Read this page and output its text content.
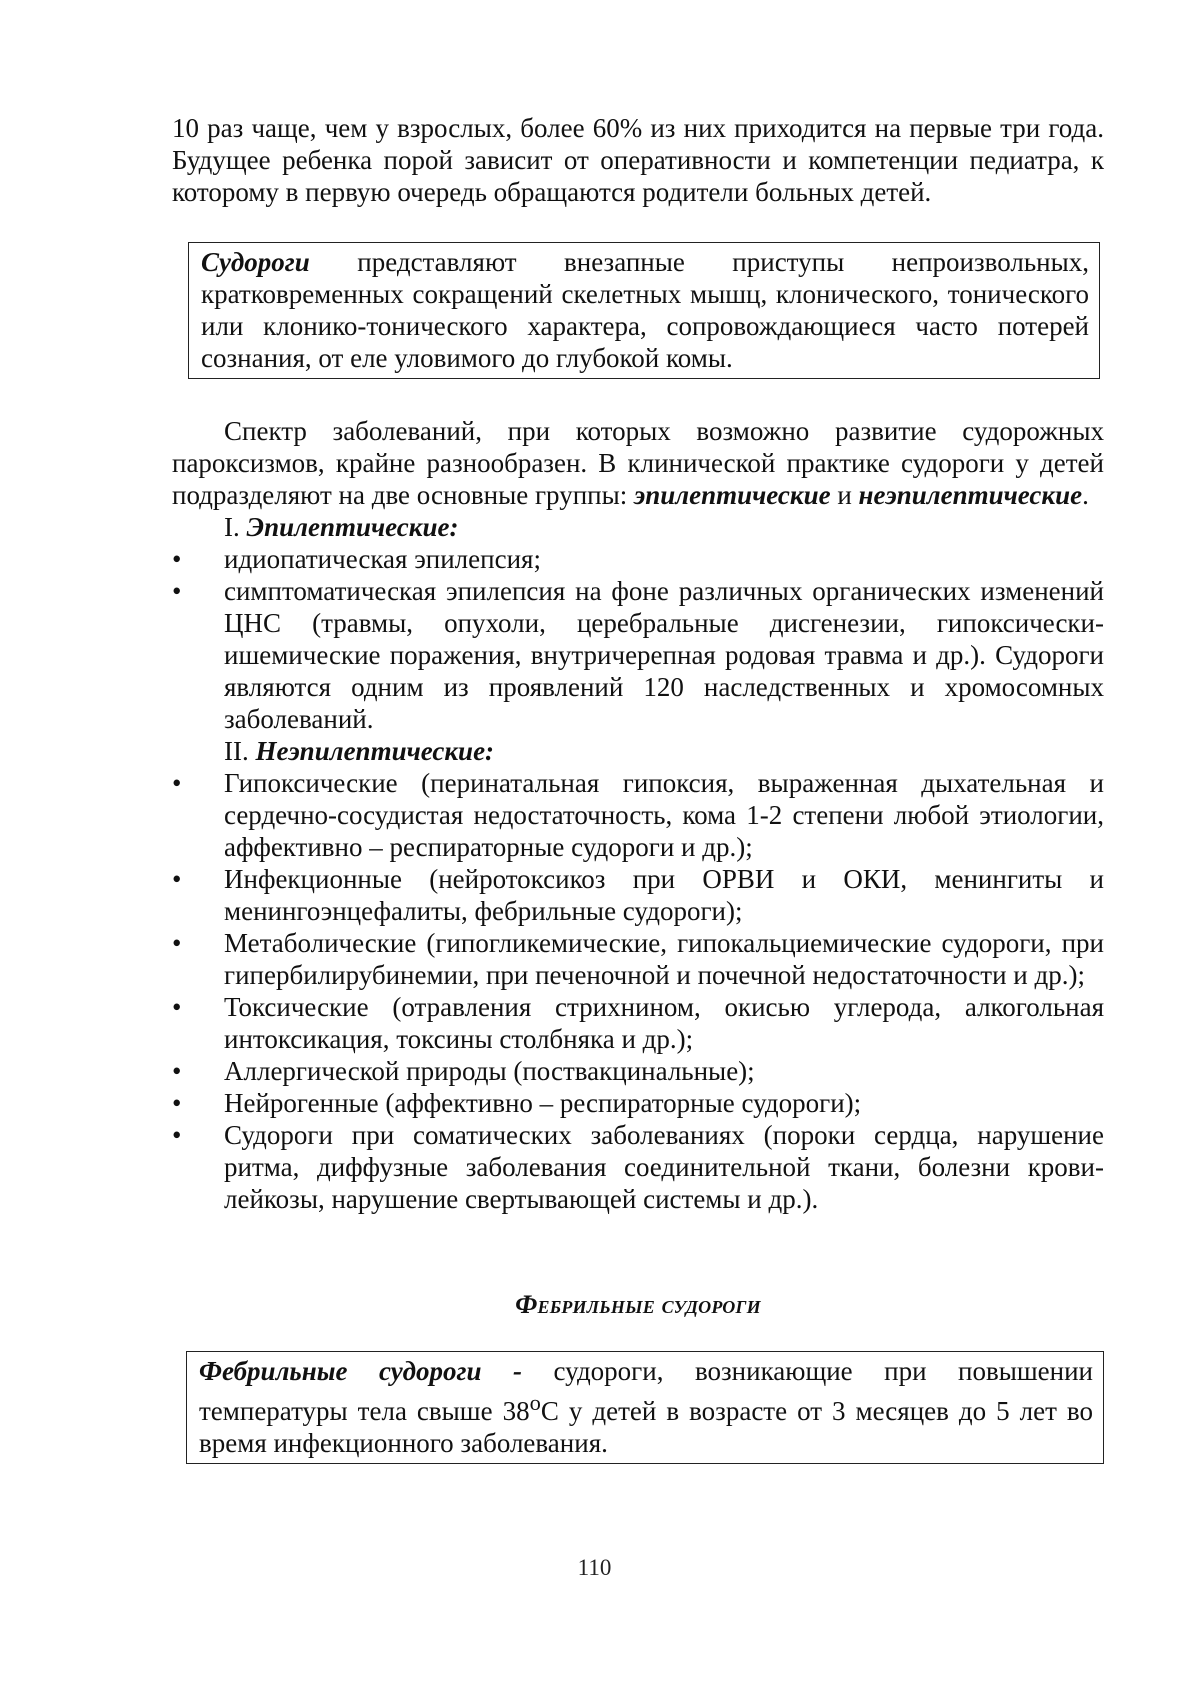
10 раз чаще, чем у взрослых, более 60% из них приходится на первые три года. Будущее ребенка порой зависит от оперативности и компетенции педиатра, к которому в первую очередь обращаются родители больных детей.

Судороги представляют внезапные приступы непроизвольных, кратковременных сокращений скелетных мышц, клонического, тонического или клонико-тонического характера, сопровождающиеся часто потерей сознания, от еле уловимого до глубокой комы.

Спектр заболеваний, при которых возможно развитие судорожных пароксизмов, крайне разнообразен. В клинической практике судороги у детей подразделяют на две основные группы: эпилептические и неэпилептические.

I. Эпилептические:

•	идиопатическая эпилепсия;
•	симптоматическая эпилепсия на фоне различных органических изменений ЦНС (травмы, опухоли, церебральные дисгенезии, гипоксически-ишемические поражения, внутричерепная родовая травма и др.). Судороги являются одним из проявлений 120 наследственных и хромосомных заболеваний.

II. Неэпилептические:

•	Гипоксические (перинатальная гипоксия, выраженная дыхательная и сердечно-сосудистая недостаточность, кома 1-2 степени любой этиологии, аффективно – респираторные судороги и др.);
•	Инфекционные (нейротоксикоз при ОРВИ и ОКИ, менингиты и менингоэнцефалиты, фебрильные судороги);
•	Метаболические (гипогликемические, гипокальциемические судороги, при гипербилирубинемии, при печеночной и почечной недостаточности и др.);
•	Токсические (отравления стрихнином, окисью углерода, алкогольная интоксикация, токсины столбняка и др.);
•	Аллергической природы (поствакцинальные);
•	Нейрогенные (аффективно – респираторные судороги);
•	Судороги при соматических заболеваниях (пороки сердца, нарушение ритма, диффузные заболевания соединительной ткани, болезни крови-лейкозы, нарушение свертывающей системы и др.).
Фебрильные судороги

Фебрильные судороги - судороги, возникающие при повышении температуры тела свыше $38^оС$ у детей в возрасте от 3 месяцев до 5 лет во время инфекционного заболевания.

110
